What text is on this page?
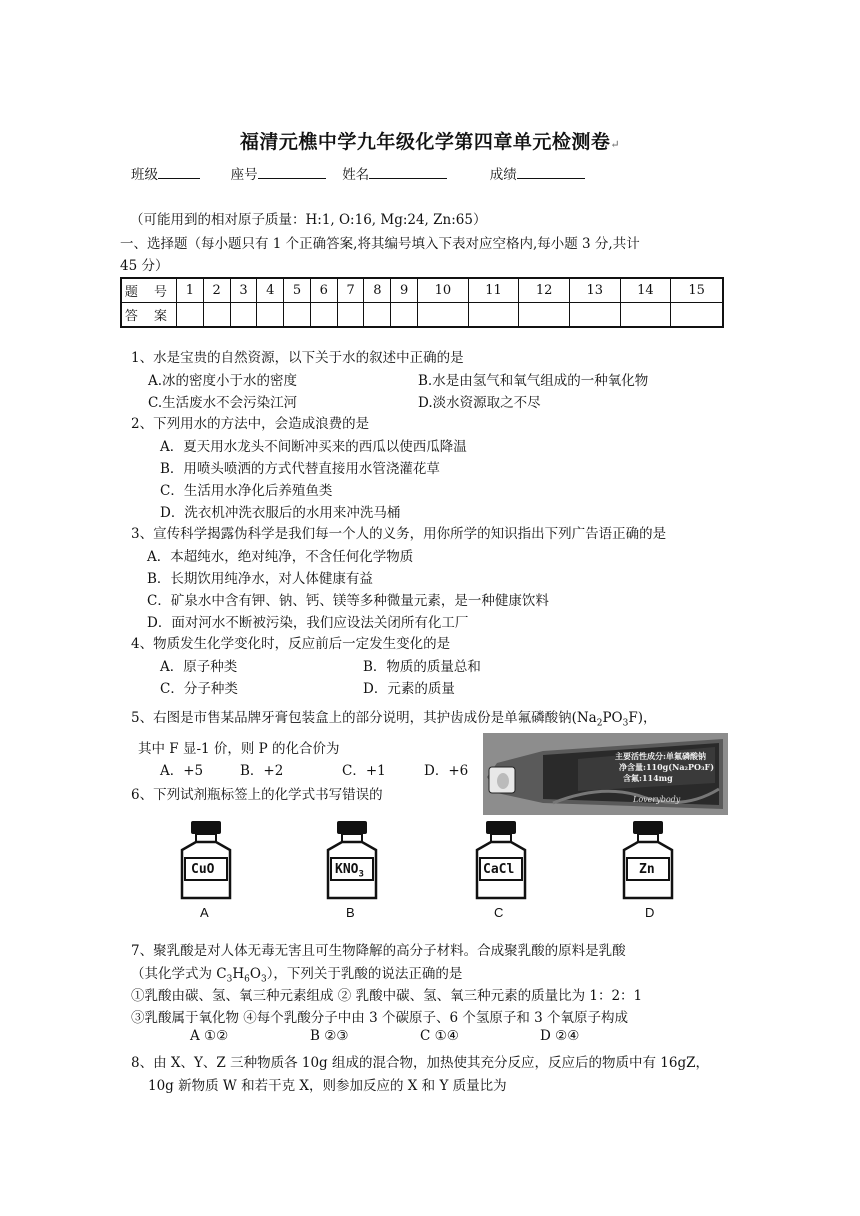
福清元樵中学九年级化学第四章单元检测卷↵
班级	座号	姓名	成绩
（可能用到的相对原子质量：H:1, O:16, Mg:24, Zn:65）
一、选择题（每小题只有 1 个正确答案,将其编号填入下表对应空格内,每小题 3 分,共计
45 分）
题 号	1	2	3	4	5	6	7	8	9	10	11	12	13	14	15
答 案															
1、水是宝贵的自然资源，以下关于水的叙述中正确的是
A.冰的密度小于水的密度	B.水是由氢气和氧气组成的一种氧化物
C.生活废水不会污染江河	D.淡水资源取之不尽
2、下列用水的方法中，会造成浪费的是
A．夏天用水龙头不间断冲买来的西瓜以使西瓜降温
B．用喷头喷洒的方式代替直接用水管浇灌花草
C．生活用水净化后养殖鱼类
D．洗衣机冲洗衣服后的水用来冲洗马桶
3、宣传科学揭露伪科学是我们每一个人的义务，用你所学的知识指出下列广告语正确的是
A．本超纯水，绝对纯净，不含任何化学物质
B．长期饮用纯净水，对人体健康有益
C．矿泉水中含有钾、钠、钙、镁等多种微量元素，是一种健康饮料
D．面对河水不断被污染，我们应设法关闭所有化工厂
4、物质发生化学变化时，反应前后一定发生变化的是
A．原子种类	B．物质的质量总和
C．分子种类	D．元素的质量
5、右图是市售某品牌牙膏包装盒上的部分说明，其护齿成份是单氟磷酸钠$(Na_2PO_3F)$，
其中 F 显-1 价，则 P 的化合价为
A．+5	B．+2	C．+1	D．+6
主要活性成分:单氟磷酸钠
净含量:110g(Na₂PO₃F)
含氟:114mg
Loverybody
6、下列试剂瓶标签上的化学式书写错误的
CuO
A
$KNO_3$
B
CaCl
C
Zn
D
7、聚乳酸是对人体无毒无害且可生物降解的高分子材料。合成聚乳酸的原料是乳酸
（其化学式为 $C_3H_6O_3$），下列关于乳酸的说法正确的是
①乳酸由碳、氢、氧三种元素组成 ② 乳酸中碳、氢、氧三种元素的质量比为 1：2：1
③乳酸属于氧化物 ④每个乳酸分子中由 3 个碳原子、6 个氢原子和 3 个氧原子构成
A ①②	B ②③	C ①④	D ②④
8、由 X、Y、Z 三种物质各 10g 组成的混合物，加热使其充分反应，反应后的物质中有 16gZ，
10g 新物质 W 和若干克 X，则参加反应的 X 和 Y 质量比为
